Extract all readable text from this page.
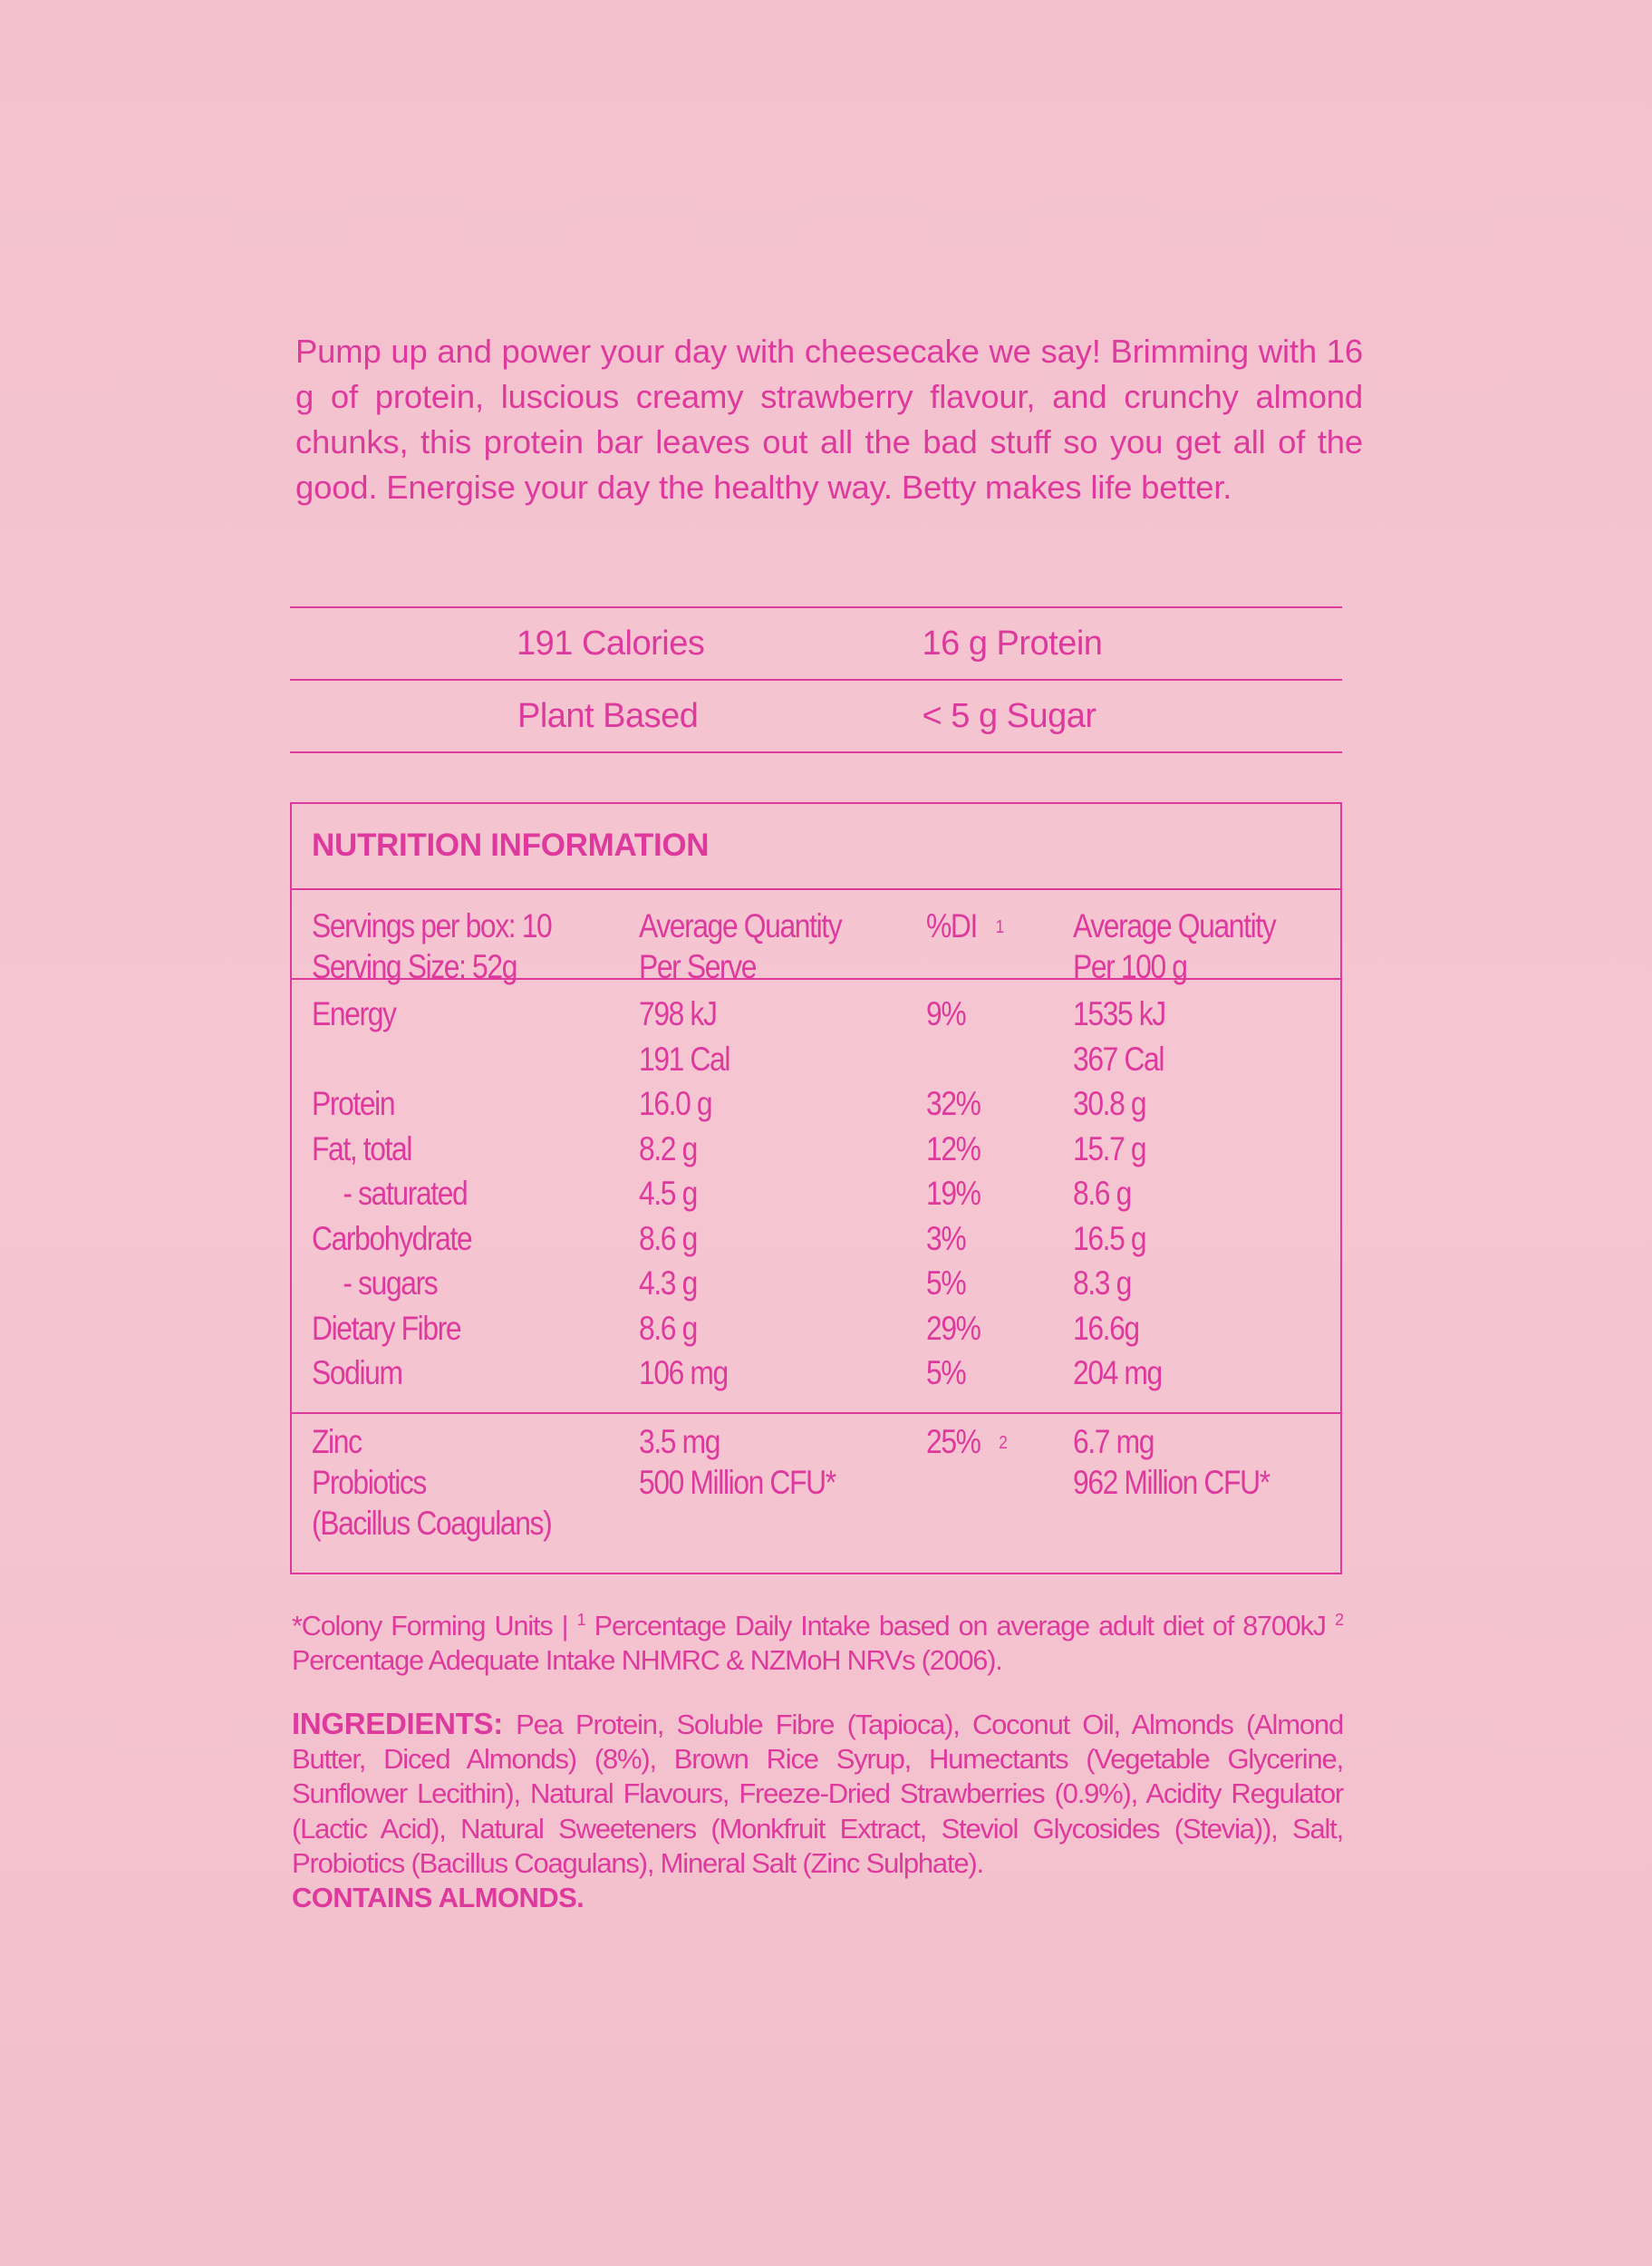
Pump up and power your day with cheesecake we say! Brimming with 16 g of protein, luscious creamy strawberry flavour, and crunchy almond chunks, this protein bar leaves out all the bad stuff so you get all of the good. Energise your day the healthy way. Betty makes life better.
191 Calories	16 g Protein
Plant Based	< 5 g Sugar
NUTRITION INFORMATION
Servings per box: 10
Serving Size: 52g
Average Quantity
Per Serve
%DI $^1$ Average Quantity
Per 100 g
Energy

Protein
Fat, total
- saturated
Carbohydrate
- sugars
Dietary Fibre
Sodium
798 kJ
191 Cal
16.0 g
8.2 g
4.5 g
8.6 g
4.3 g
8.6 g
106 mg
9%

32%
12%
19%
3%
5%
29%
5%
1535 kJ
367 Cal
30.8 g
15.7 g
8.6 g
16.5 g
8.3 g
16.6g
204 mg
Zinc
Probiotics
(Bacillus Coagulans)
3.5 mg
500 Million CFU*
25% $^2$ 6.7 mg
962 Million CFU*
*Colony Forming Units | $^1$ Percentage Daily Intake based on average adult diet of 8700kJ $^2$ Percentage Adequate Intake NHMRC & NZMoH NRVs (2006).
INGREDIENTS: Pea Protein, Soluble Fibre (Tapioca), Coconut Oil, Almonds (Almond Butter, Diced Almonds) (8%), Brown Rice Syrup, Humectants (Vegetable Glycerine, Sunflower Lecithin), Natural Flavours, Freeze-Dried Strawberries (0.9%), Acidity Regulator (Lactic Acid), Natural Sweeteners (Monkfruit Extract, Steviol Glycosides (Stevia)), Salt, Probiotics (Bacillus Coagulans), Mineral Salt (Zinc Sulphate).
CONTAINS ALMONDS.
